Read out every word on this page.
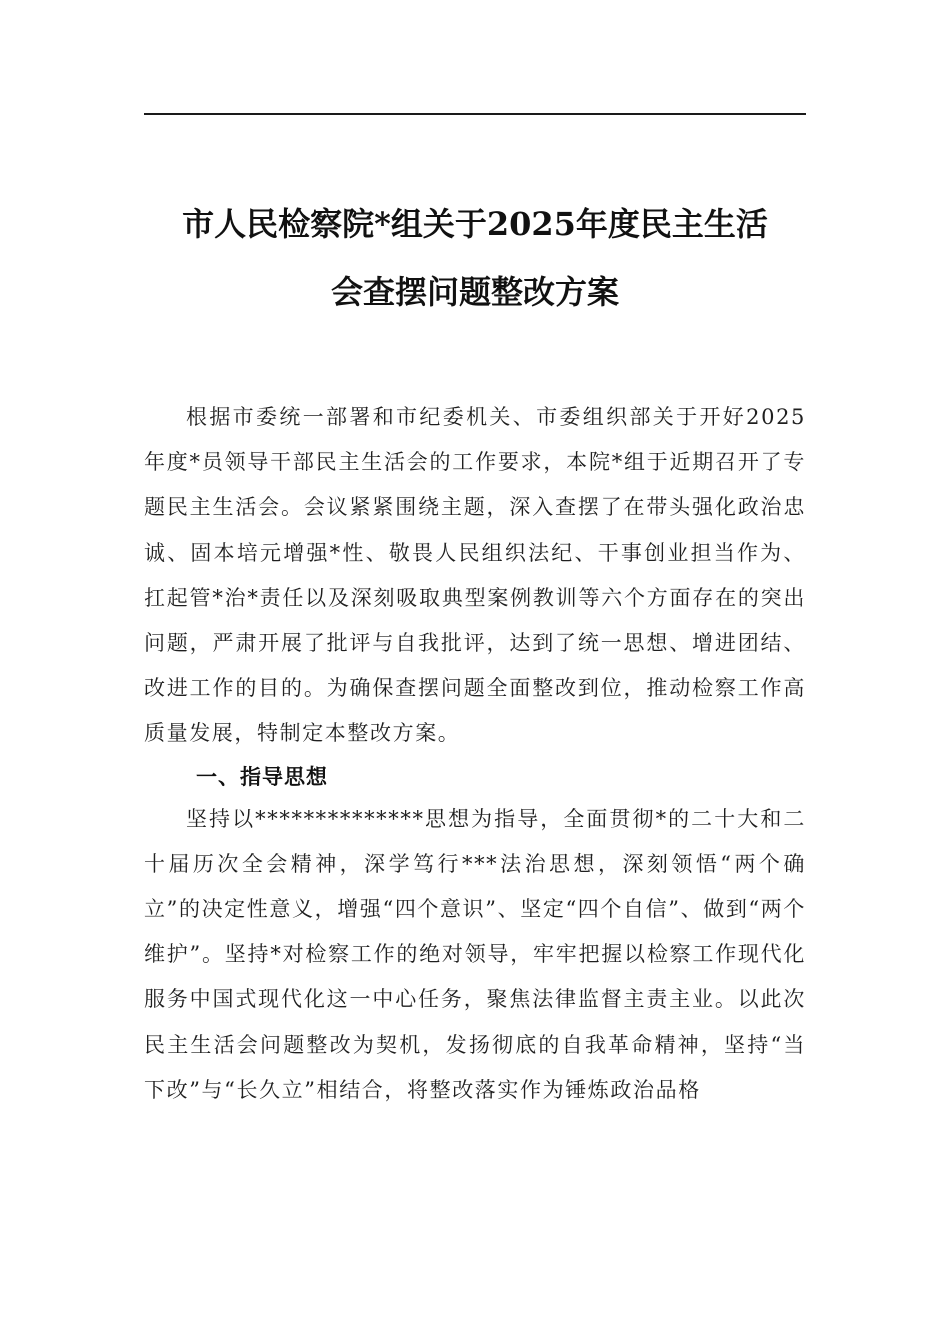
市人民检察院*组关于2025年度民主生活
会查摆问题整改方案

根据市委统一部署和市纪委机关、市委组织部关于开好2025年度*员领导干部民主生活会的工作要求，本院*组于近期召开了专题民主生活会。会议紧紧围绕主题，深入查摆了在带头强化政治忠诚、固本培元增强*性、敬畏人民组织法纪、干事创业担当作为、扛起管*治*责任以及深刻吸取典型案例教训等六个方面存在的突出问题，严肃开展了批评与自我批评，达到了统一思想、增进团结、改进工作的目的。为确保查摆问题全面整改到位，推动检察工作高质量发展，特制定本整改方案。

一、指导思想

坚持以**************思想为指导，全面贯彻*的二十大和二十届历次全会精神，深学笃行***法治思想，深刻领悟“两个确立”的决定性意义，增强“四个意识”、坚定“四个自信”、做到“两个维护”。坚持*对检察工作的绝对领导，牢牢把握以检察工作现代化服务中国式现代化这一中心任务，聚焦法律监督主责主业。以此次民主生活会问题整改为契机，发扬彻底的自我革命精神，坚持“当下改”与“长久立”相结合，将整改落实作为锤炼政治品格
